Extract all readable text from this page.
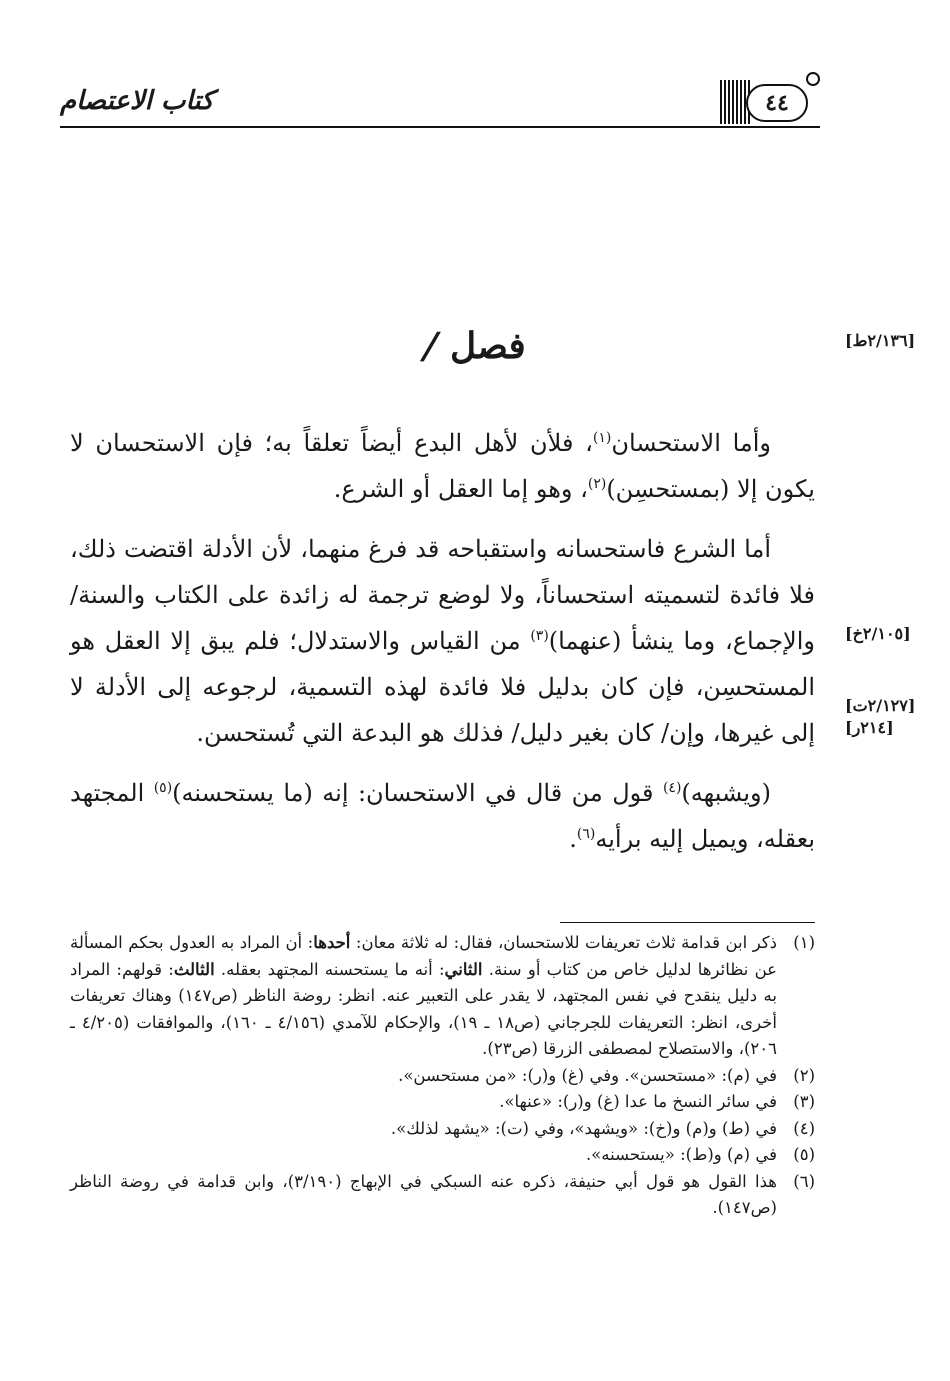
كتاب الاعتصام	٤٤
[٢/١٣٦ط]
[٢/١٠٥خ]
[٢/١٢٧ت]
[٢١٤ر]
فصل /

وأما الاستحسان$^{(١)}$، فلأن لأهل البدع أيضاً تعلقاً به؛ فإن الاستحسان لا يكون إلا (بمستحسِن)$^{(٢)}$، وهو إما العقل أو الشرع.

أما الشرع فاستحسانه واستقباحه قد فرغ منهما، لأن الأدلة اقتضت ذلك، فلا فائدة لتسميته استحساناً، ولا لوضع ترجمة له زائدة على الكتاب والسنة/ والإجماع، وما ينشأ (عنهما)$^{(٣)}$ من القياس والاستدلال؛ فلم يبق إلا العقل هو المستحسِن، فإن كان بدليل فلا فائدة لهذه التسمية، لرجوعه إلى الأدلة لا إلى غيرها، وإن/ كان بغير دليل/ فذلك هو البدعة التي تُستحسن.

(ويشبهه)$^{(٤)}$ قول من قال في الاستحسان: إنه (ما يستحسنه)$^{(٥)}$ المجتهد بعقله، ويميل إليه برأيه$^{(٦)}$.

(١)
ذكر ابن قدامة ثلاث تعريفات للاستحسان، فقال: له ثلاثة معان: أحدها: أن المراد به العدول بحكم المسألة عن نظائرها لدليل خاص من كتاب أو سنة. الثاني: أنه ما يستحسنه المجتهد بعقله. الثالث: قولهم: المراد به دليل ينقدح في نفس المجتهد، لا يقدر على التعبير عنه. انظر: روضة الناظر (ص١٤٧) وهناك تعريفات أخرى، انظر: التعريفات للجرجاني (ص١٨ ـ ١٩)، والإحكام للآمدي (٤/١٥٦ ـ ١٦٠)، والموافقات (٤/٢٠٥ ـ ٢٠٦)، والاستصلاح لمصطفى الزرقا (ص٢٣).
(٢)
في (م): «مستحسن». وفي (غ) و(ر): «من مستحسن».
(٣)
في سائر النسخ ما عدا (غ) و(ر): «عنها».
(٤)
في (ط) و(م) و(خ): «ويشهد»، وفي (ت): «يشهد لذلك».
(٥)
في (م) و(ط): «يستحسنه».
(٦)
هذا القول هو قول أبي حنيفة، ذكره عنه السبكي في الإبهاج (٣/١٩٠)، وابن قدامة في روضة الناظر (ص١٤٧).
